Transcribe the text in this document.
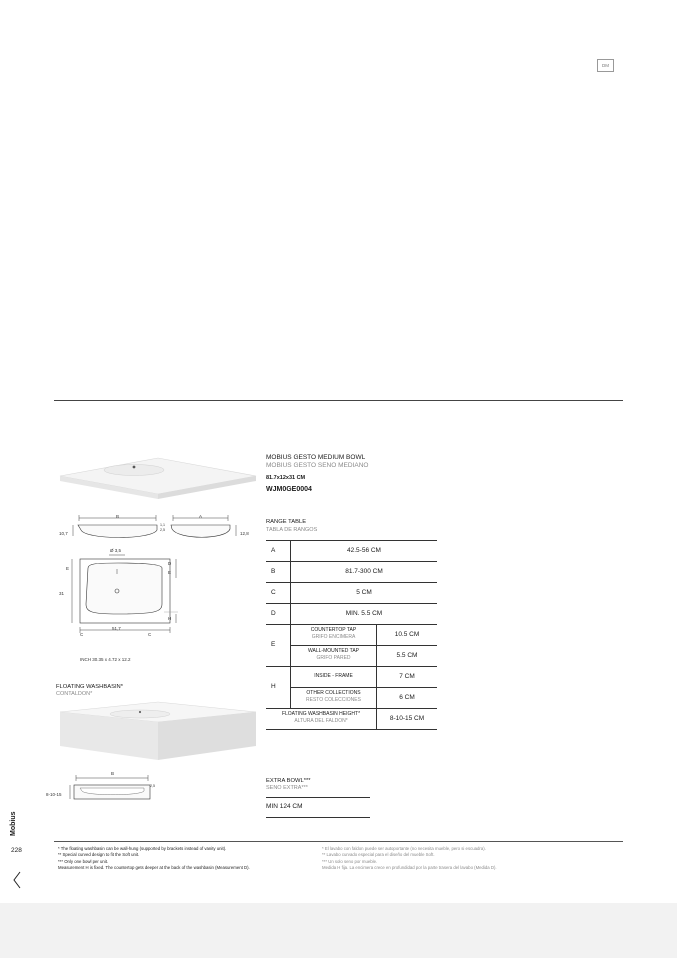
DM
B	A
10,7	12,8
1,1
2,5
Ø 3,5
D
E
H
E
31
C
51,7
C
INCH 30.35 x 4.72 x 12.2
FLOATING WASHBASIN*
CONTALDON*
B
8-10-15
2,5
MOBIUS GESTO MEDIUM BOWL
MOBIUS GESTO SENO MEDIANO
81.7x12x31 CM
WJM0GE0004
RANGE TABLE
TABLA DE RANGOS
A	42.5-56 CM
B	81.7-300 CM
C	5 CM
D	MIN. 5.5 CM
E
COUNTERTOP TAP
GRIFO ENCIMERA	10.5 CM
WALL-MOUNTED TAP
GRIFO PARED	5.5 CM
H
INSIDE - FRAME	7 CM
OTHER COLLECTIONS
RESTO COLECCIONES	6 CM
FLOATING WASHBASIN HEIGHT*
ALTURA DEL FALDON*	8-10-15 CM
EXTRA BOWL***
SENO EXTRA***
MIN 124 CM
Mobius
228	* The floating washbasin can be wall-hung (supported by brackets instead of vanity unit).
** Special curved design to fit the Soft unit.
*** Only one bowl per unit.
Measurement H is fixed. The countertop gets deeper at the back of the washbasin (Measurement D).
* El lavabo con faldon puede ser autoportante (no necesita mueble, pero si escuadra).
** Lavabo curvado especial para el diseño del mueble Soft.
*** Un solo seno por mueble.
Medida H fija. La encimera crece en profundidad por la parte trasera del lavabo (Medida D).
